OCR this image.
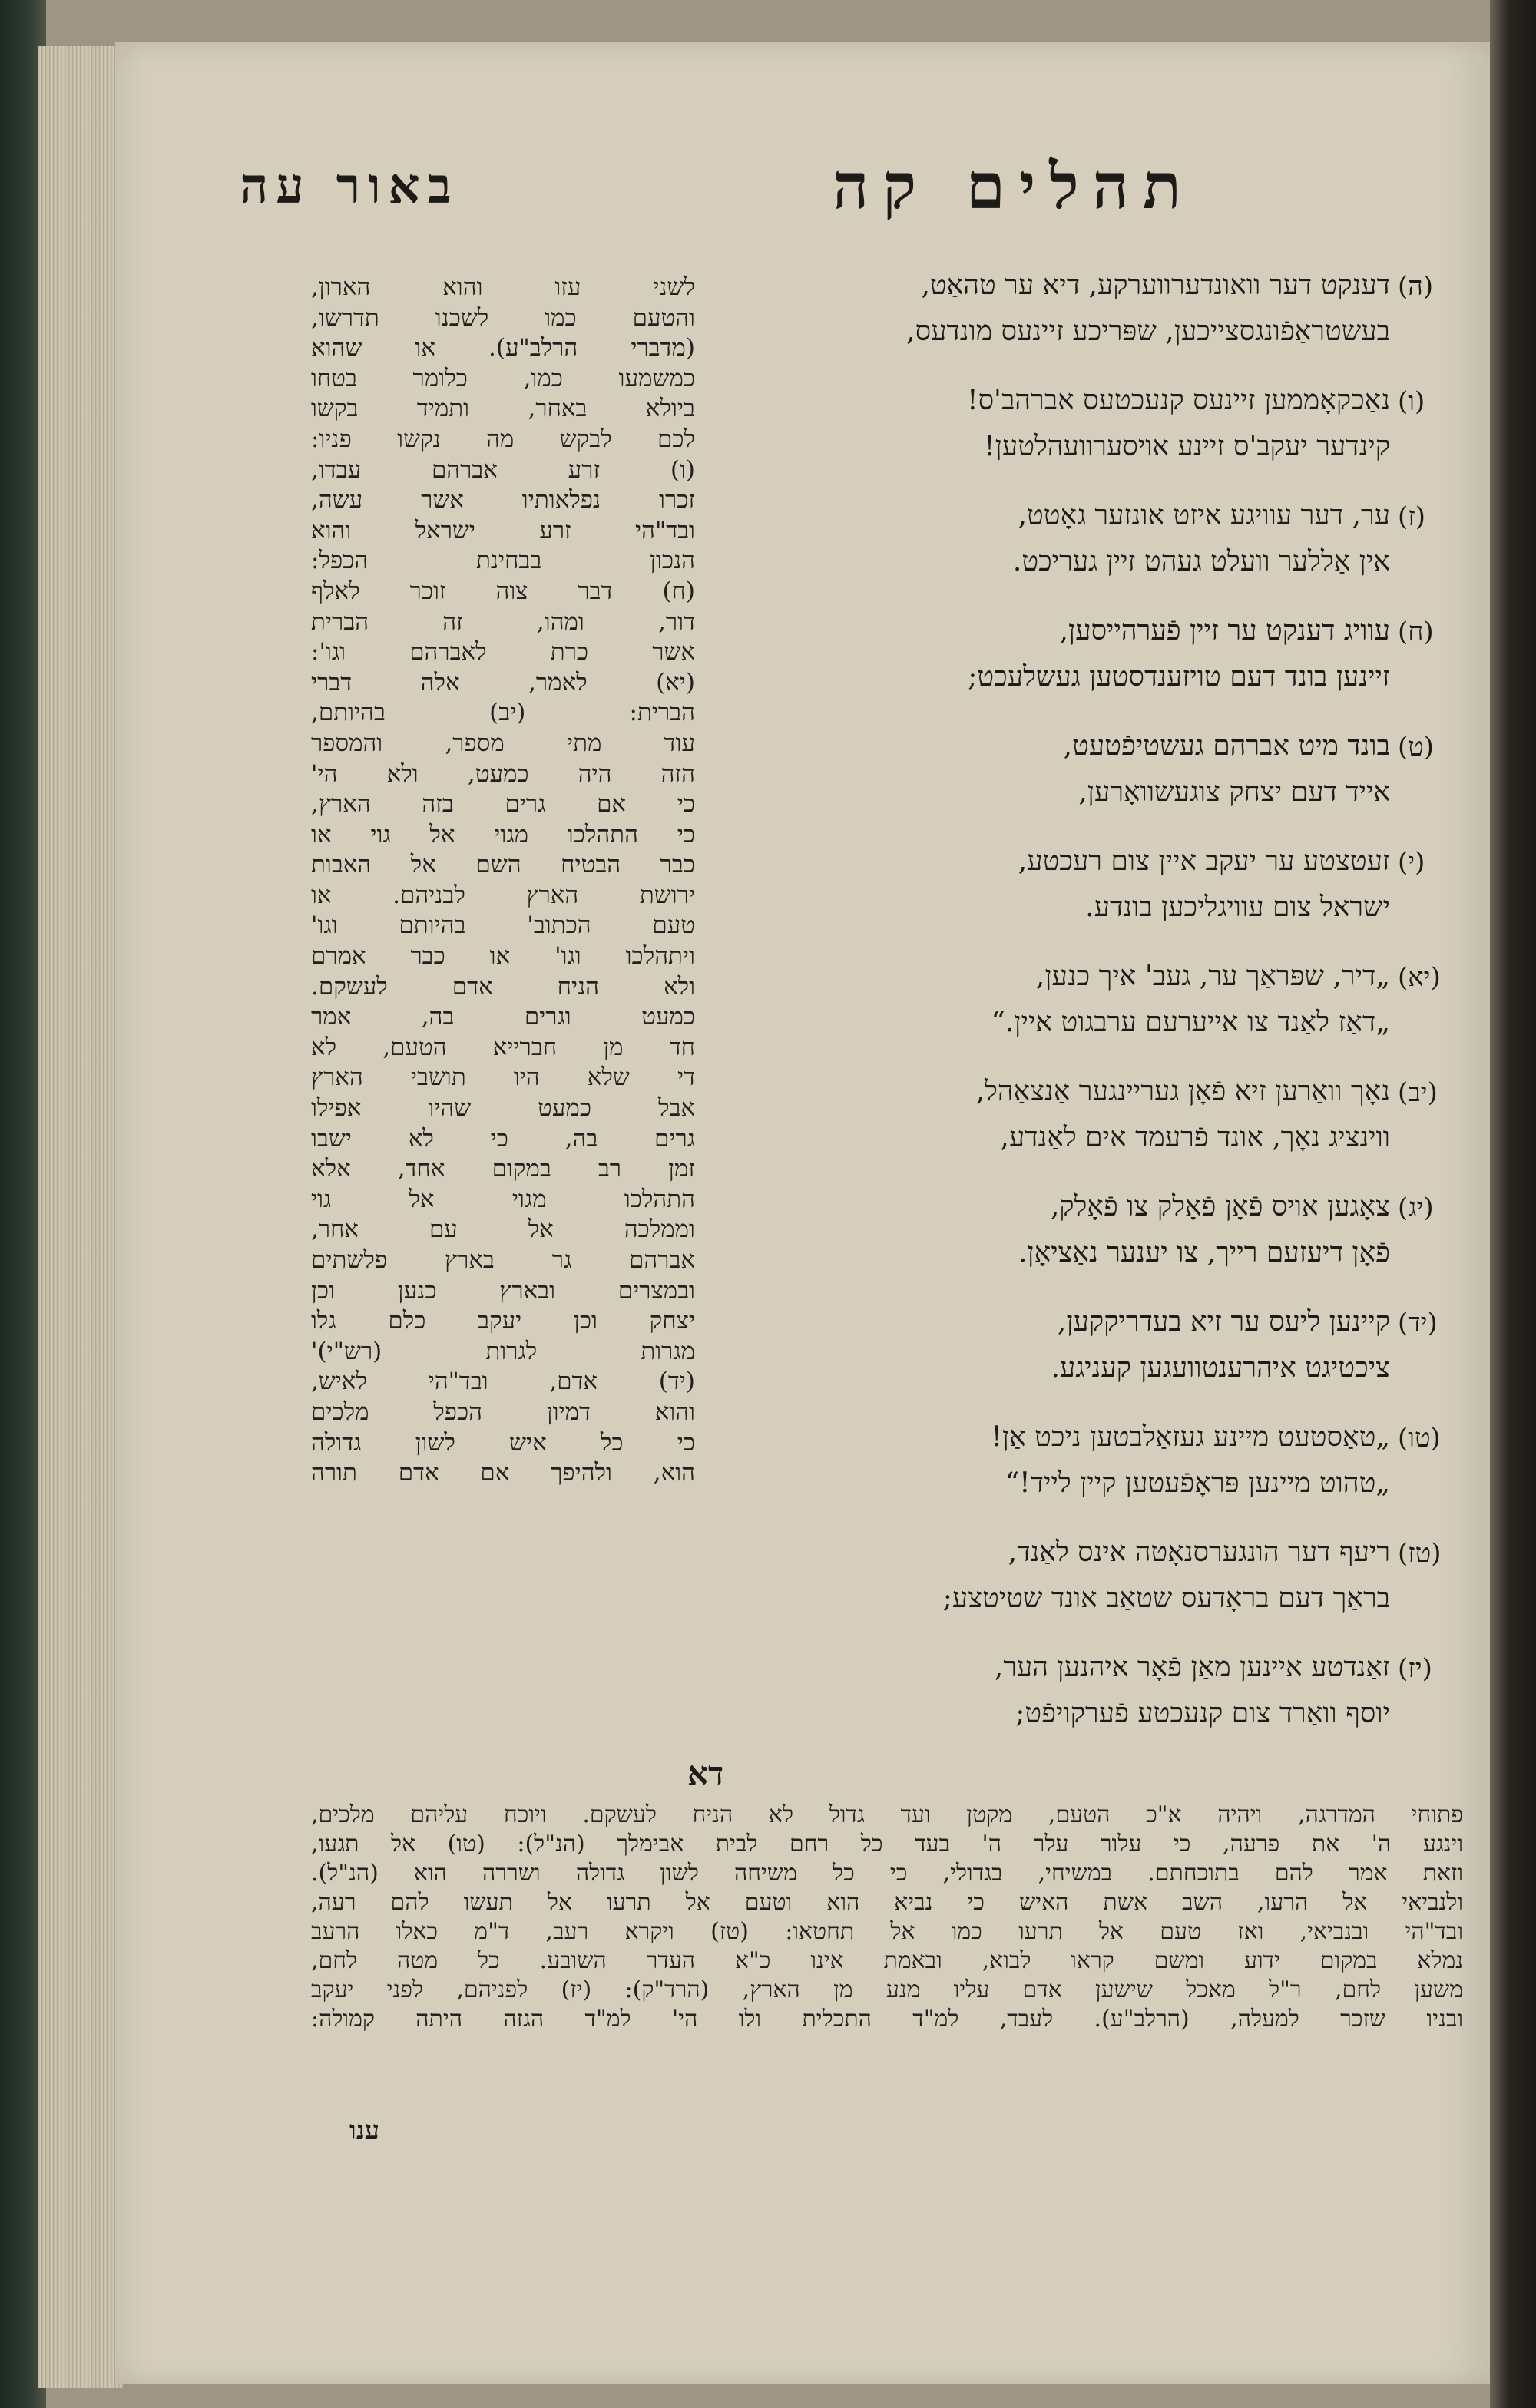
תהלים קה
באור עה
(ה)
דענקט דער וואונדערווערקע, דיא ער טהאַט,
בעשטראַפֿונגסצייכען, שפּריכע זיינעס מונדעס,
(ו)
נאַכקאָממען זיינעס קנעכטעס אברהב'ס!
קינדער יעקב'ס זיינע אויסערוועהלטען!
(ז)
ער, דער עוויגע איזט אונזער גאָטט,
אין אַללער וועלט געהט זיין געריכט.
(ח)
עוויג דענקט ער זיין פֿערהייסען,
זיינען בונד דעם טויזענדסטען געשלעכט;
(ט)
בונד מיט אברהם געשטיפֿטעט,
אייד דעם יצחק צוגעשוואָרען,
(י)
זעטצטע ער יעקב איין צום רעכטע,
ישראל צום עוויגליכען בונדע.
(יא)
„דיר, שפּראַך ער, געב' איך כנען,
„דאַז לאַנד צו אייערעם ערבגוט איין.“
(יב)
נאָך וואַרען זיא פֿאָן געריינגער אַנצאַהל,
ווינציג נאָך, אונד פֿרעמד אים לאַנדע,
(יג)
צאָגען אויס פֿאָן פֿאָלק צו פֿאָלק,
פֿאָן דיעזעם רייך, צו יענער נאַציאָן.
(יד)
קיינען ליעס ער זיא בעדריקקען,
ציכטיגט איהרענטוועגען קעניגע.
(טו)
„טאַסטעט מיינע געזאַלבטען ניכט אַן!
„טהוט מיינען פּראָפֿעטען קיין לייד!“
(טז)
ריעף דער הונגערסנאָטה אינס לאַנד,
בראַך דעם בראָדעס שטאַב אונד שטיטצע;
(יז)
זאַנדטע איינען מאַן פֿאָר איהנען הער,
יוסף וואַרד צום קנעכטע פֿערקויפֿט;
דא
לשני עזו והוא הארון,
והטעם כמו לשכנו תדרשו,
(מדברי הרלב"ע). או שהוא
כמשמעו כמו, כלומר בטחו
ביולא באחר, ותמיד בקשו
לכם לבקש מה נקשו פניו:
(ו) זרע אברהם עבדו,
זכרו נפלאותיו אשר עשה,
ובד"הי זרע ישראל והוא
הנכון בבחינת הכפל:
(ח) דבר צוה זוכר לאלף
דור, ומהו, זה הברית
אשר כרת לאברהם וגו':
(יא) לאמר, אלה דברי
הברית: (יב) בהיותם,
עוד מתי מספר, והמספר
הזה היה כמעט, ולא הי'
כי אם גרים בזה הארץ,
כי התהלכו מגוי אל גוי או
כבר הבטיח השם אל האבות
ירושת הארץ לבניהם. או
טעם הכתוב' בהיותם וגו'
ויתהלכו וגו' או כבר אמרם
ולא הניח אדם לעשקם.
כמעט וגרים בה, אמר
חד מן חברייא הטעם, לא
די שלא היו תושבי הארץ
אבל כמעט שהיו אפילו
גרים בה, כי לא ישבו
זמן רב במקום אחד, אלא
התהלכו מגוי אל גוי
וממלכה אל עם אחר,
אברהם גר בארץ פלשתים
ובמצרים ובארץ כנען וכן
יצחק וכן יעקב כלם גלו
מגרות לגרות (רש"י)'
(יד) אדם, ובד"הי לאיש,
והוא דמיון הכפל מלכים
כי כל איש לשון גדולה
הוא, ולהיפך אם אדם תורה
פתוחי המדרגה, ויהיה א"כ הטעם, מקטן ועד גדול לא הניח לעשקם. ויוכח עליהם מלכים,
וינגע ה' את פרעה, כי עלור עלר ה' בעד כל רחם לבית אבימלך (הנ"ל): (טו) אל תגעו,
וזאת אמר להם בתוכחתם. במשיחי, בגדולי, כי כל משיחה לשון גדולה ושררה הוא (הנ"ל).
ולנביאי אל הרעו, השב אשת האיש כי נביא הוא וטעם אל תרעו אל תעשו להם רעה,
ובד"הי ובנביאי, ואז טעם אל תרעו כמו אל תחטאו: (טז) ויקרא רעב, ד"מ כאלו הרעב
נמלא במקום ידוע ומשם קראו לבוא, ובאמת אינו כ"א העדר השובע. כל מטה לחם,
משען לחם, ר"ל מאכל שישען אדם עליו מנע מן הארץ, (הרד"ק): (יז) לפניהם, לפני יעקב
ובניו שזכר למעלה, (הרלב"ע). לעבד, למ"ד התכלית ולו הי' למ"ד הגזה היתה קמולה:
ענו
